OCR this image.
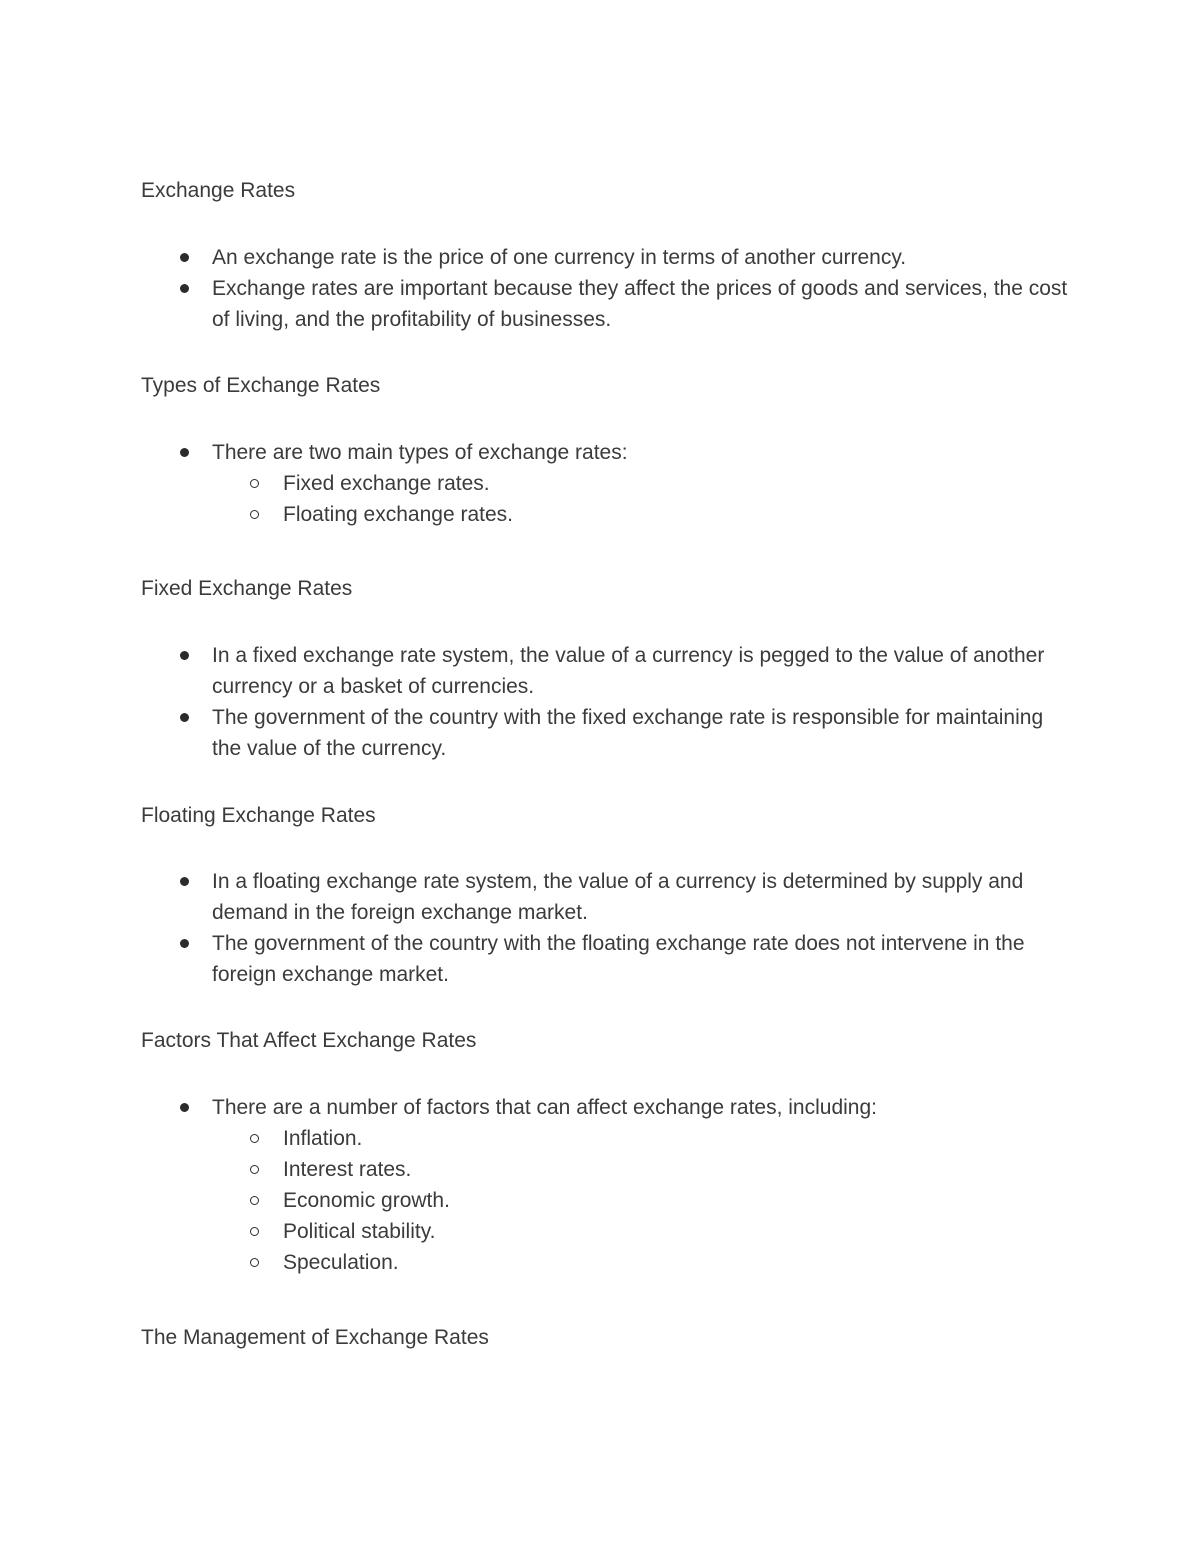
Exchange Rates
An exchange rate is the price of one currency in terms of another currency.
Exchange rates are important because they affect the prices of goods and services, the cost of living, and the profitability of businesses.
Types of Exchange Rates
There are two main types of exchange rates:
Fixed exchange rates.
Floating exchange rates.
Fixed Exchange Rates
In a fixed exchange rate system, the value of a currency is pegged to the value of another currency or a basket of currencies.
The government of the country with the fixed exchange rate is responsible for maintaining the value of the currency.
Floating Exchange Rates
In a floating exchange rate system, the value of a currency is determined by supply and demand in the foreign exchange market.
The government of the country with the floating exchange rate does not intervene in the foreign exchange market.
Factors That Affect Exchange Rates
There are a number of factors that can affect exchange rates, including:
Inflation.
Interest rates.
Economic growth.
Political stability.
Speculation.
The Management of Exchange Rates
